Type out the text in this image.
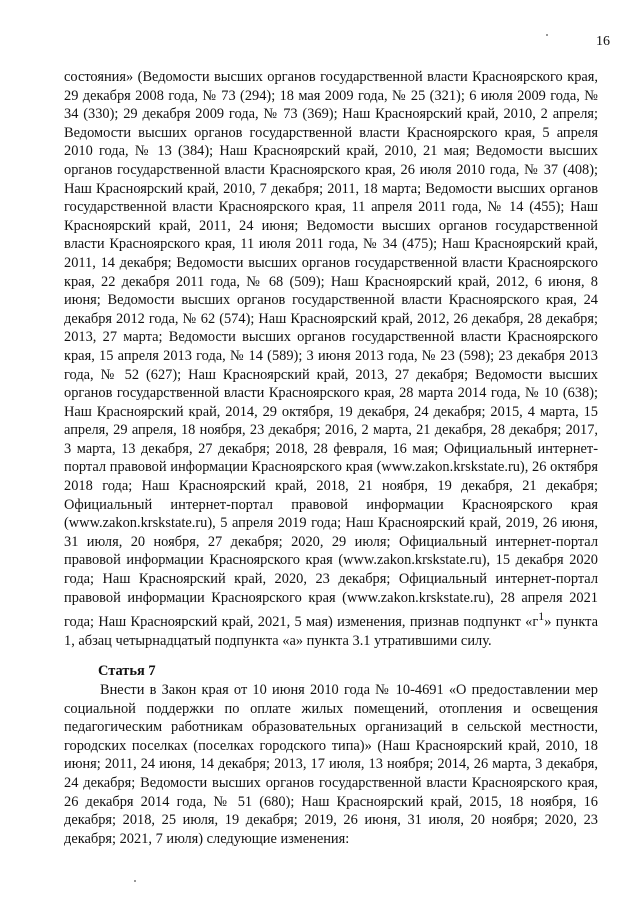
16

состояния» (Ведомости высших органов государственной власти Красноярского края, 29 декабря 2008 года, № 73 (294); 18 мая 2009 года, № 25 (321); 6 июля 2009 года, № 34 (330); 29 декабря 2009 года, № 73 (369); Наш Красноярский край, 2010, 2 апреля; Ведомости высших органов государственной власти Красноярского края, 5 апреля 2010 года, № 13 (384); Наш Красноярский край, 2010, 21 мая; Ведомости высших органов государственной власти Красноярского края, 26 июля 2010 года, № 37 (408); Наш Красноярский край, 2010, 7 декабря; 2011, 18 марта; Ведомости высших органов государственной власти Красноярского края, 11 апреля 2011 года, № 14 (455); Наш Красноярский край, 2011, 24 июня; Ведомости высших органов государственной власти Красноярского края, 11 июля 2011 года, № 34 (475); Наш Красноярский край, 2011, 14 декабря; Ведомости высших органов государственной власти Красноярского края, 22 декабря 2011 года, № 68 (509); Наш Красноярский край, 2012, 6 июня, 8 июня; Ведомости высших органов государственной власти Красноярского края, 24 декабря 2012 года, № 62 (574); Наш Красноярский край, 2012, 26 декабря, 28 декабря; 2013, 27 марта; Ведомости высших органов государственной власти Красноярского края, 15 апреля 2013 года, № 14 (589); 3 июня 2013 года, № 23 (598); 23 декабря 2013 года, № 52 (627); Наш Красноярский край, 2013, 27 декабря; Ведомости высших органов государственной власти Красноярского края, 28 марта 2014 года, № 10 (638); Наш Красноярский край, 2014, 29 октября, 19 декабря, 24 декабря; 2015, 4 марта, 15 апреля, 29 апреля, 18 ноября, 23 декабря; 2016, 2 марта, 21 декабря, 28 декабря; 2017, 3 марта, 13 декабря, 27 декабря; 2018, 28 февраля, 16 мая; Официальный интернет-портал правовой информации Красноярского края (www.zakon.krskstate.ru), 26 октября 2018 года; Наш Красноярский край, 2018, 21 ноября, 19 декабря, 21 декабря; Официальный интернет-портал правовой информации Красноярского края (www.zakon.krskstate.ru), 5 апреля 2019 года; Наш Красноярский край, 2019, 26 июня, 31 июля, 20 ноября, 27 декабря; 2020, 29 июля; Официальный интернет-портал правовой информации Красноярского края (www.zakon.krskstate.ru), 15 декабря 2020 года; Наш Красноярский край, 2020, 23 декабря; Официальный интернет-портал правовой информации Красноярского края (www.zakon.krskstate.ru), 28 апреля 2021 года; Наш Красноярский край, 2021, 5 мая) изменения, признав подпункт «$г^1$» пункта 1, абзац четырнадцатый подпункта «а» пункта 3.1 утратившими силу.

Статья 7

Внести в Закон края от 10 июня 2010 года № 10-4691 «О предоставлении мер социальной поддержки по оплате жилых помещений, отопления и освещения педагогическим работникам образовательных организаций в сельской местности, городских поселках (поселках городского типа)» (Наш Красноярский край, 2010, 18 июня; 2011, 24 июня, 14 декабря; 2013, 17 июля, 13 ноября; 2014, 26 марта, 3 декабря, 24 декабря; Ведомости высших органов государственной власти Красноярского края, 26 декабря 2014 года, № 51 (680); Наш Красноярский край, 2015, 18 ноября, 16 декабря; 2018, 25 июля, 19 декабря; 2019, 26 июня, 31 июля, 20 ноября; 2020, 23 декабря; 2021, 7 июля) следующие изменения:
